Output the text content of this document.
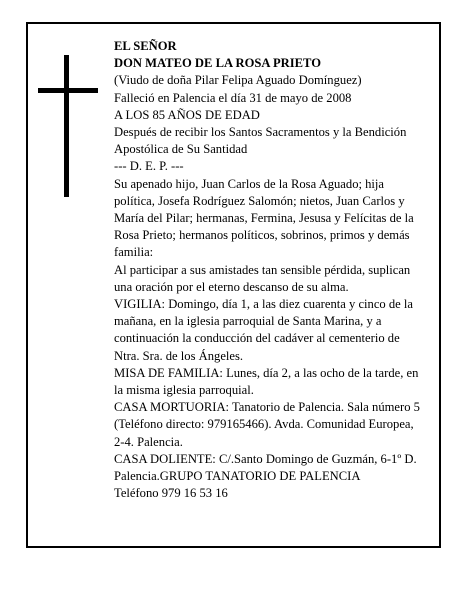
EL SEÑOR

DON MATEO DE LA ROSA PRIETO

(Viudo de doña Pilar Felipa Aguado Domínguez)

Falleció en Palencia el día 31 de mayo de 2008

A LOS 85 AÑOS DE EDAD

Después de recibir los Santos Sacramentos y la Bendición Apostólica de Su Santidad

--- D. E. P. ---

Su apenado hijo, Juan Carlos de la Rosa Aguado; hija política, Josefa Rodríguez Salomón; nietos, Juan Carlos y María del Pilar; hermanas, Fermina, Jesusa y Felícitas de la Rosa Prieto; hermanos políticos, sobrinos, primos y demás familia:

Al participar a sus amistades tan sensible pérdida, suplican una oración por el eterno descanso de su alma.

VIGILIA: Domingo, día 1, a las diez cuarenta y cinco de la mañana, en la iglesia parroquial de Santa Marina, y a continuación la conducción del cadáver al cementerio de Ntra. Sra. de los Ángeles.

MISA DE FAMILIA: Lunes, día 2, a las ocho de la tarde, en la misma iglesia parroquial.

CASA MORTUORIA: Tanatorio de Palencia. Sala número 5 (Teléfono directo: 979165466). Avda. Comunidad Europea, 2-4. Palencia.

CASA DOLIENTE: C/.Santo Domingo de Guzmán, 6-1º D. Palencia.GRUPO TANATORIO DE PALENCIA

Teléfono 979 16 53 16
